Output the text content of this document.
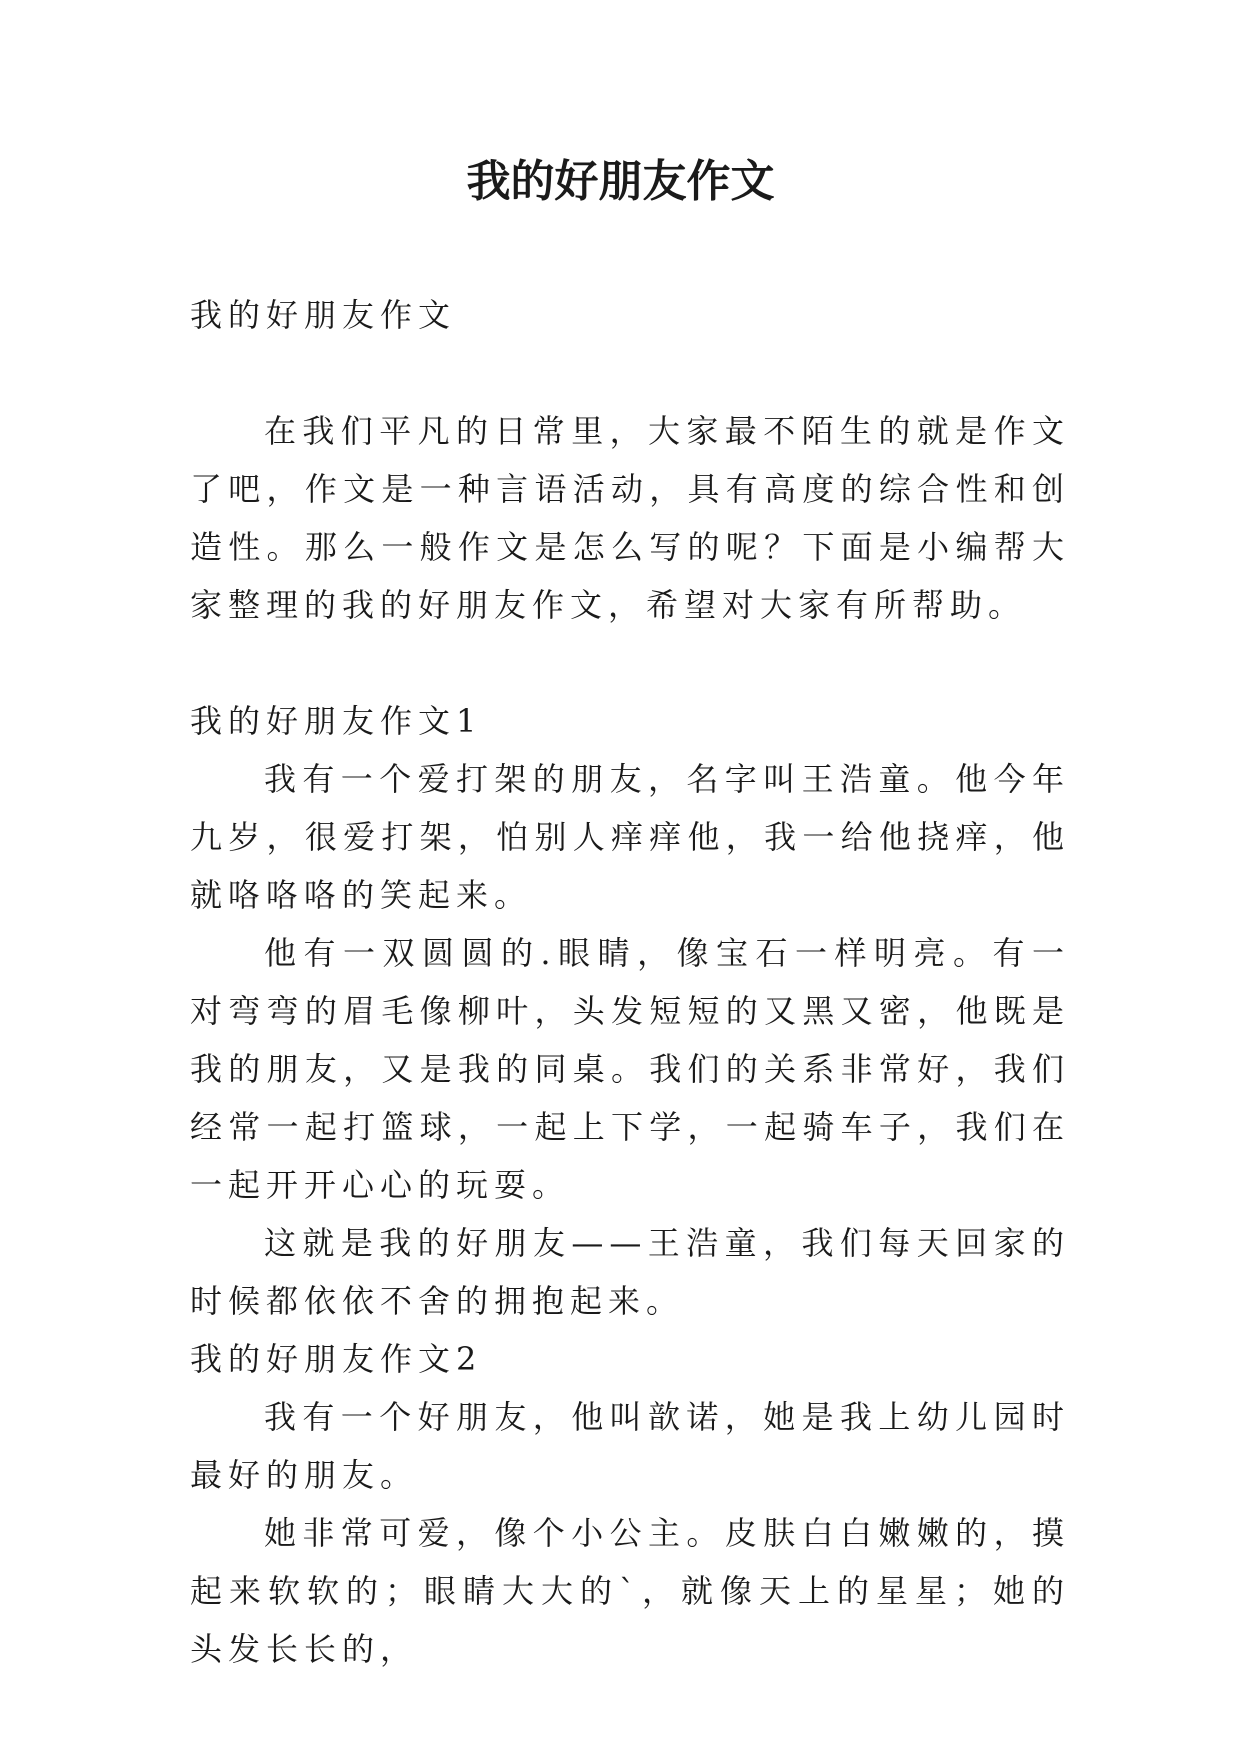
我的好朋友作文

我的好朋友作文

在我们平凡的日常里，大家最不陌生的就是作文了吧，作文是一种言语活动，具有高度的综合性和创造性。那么一般作文是怎么写的呢？下面是小编帮大家整理的我的好朋友作文，希望对大家有所帮助。

我的好朋友作文1

我有一个爱打架的朋友，名字叫王浩童。他今年九岁，很爱打架，怕别人痒痒他，我一给他挠痒，他就咯咯咯的笑起来。

他有一双圆圆的.眼睛，像宝石一样明亮。有一对弯弯的眉毛像柳叶，头发短短的又黑又密，他既是我的朋友，又是我的同桌。我们的关系非常好，我们经常一起打篮球，一起上下学，一起骑车子，我们在一起开开心心的玩耍。

这就是我的好朋友——王浩童，我们每天回家的时候都依依不舍的拥抱起来。

我的好朋友作文2

我有一个好朋友，他叫歆诺，她是我上幼儿园时最好的朋友。

她非常可爱，像个小公主。皮肤白白嫩嫩的，摸起来软软的；眼睛大大的`，就像天上的星星；她的头发长长的，
